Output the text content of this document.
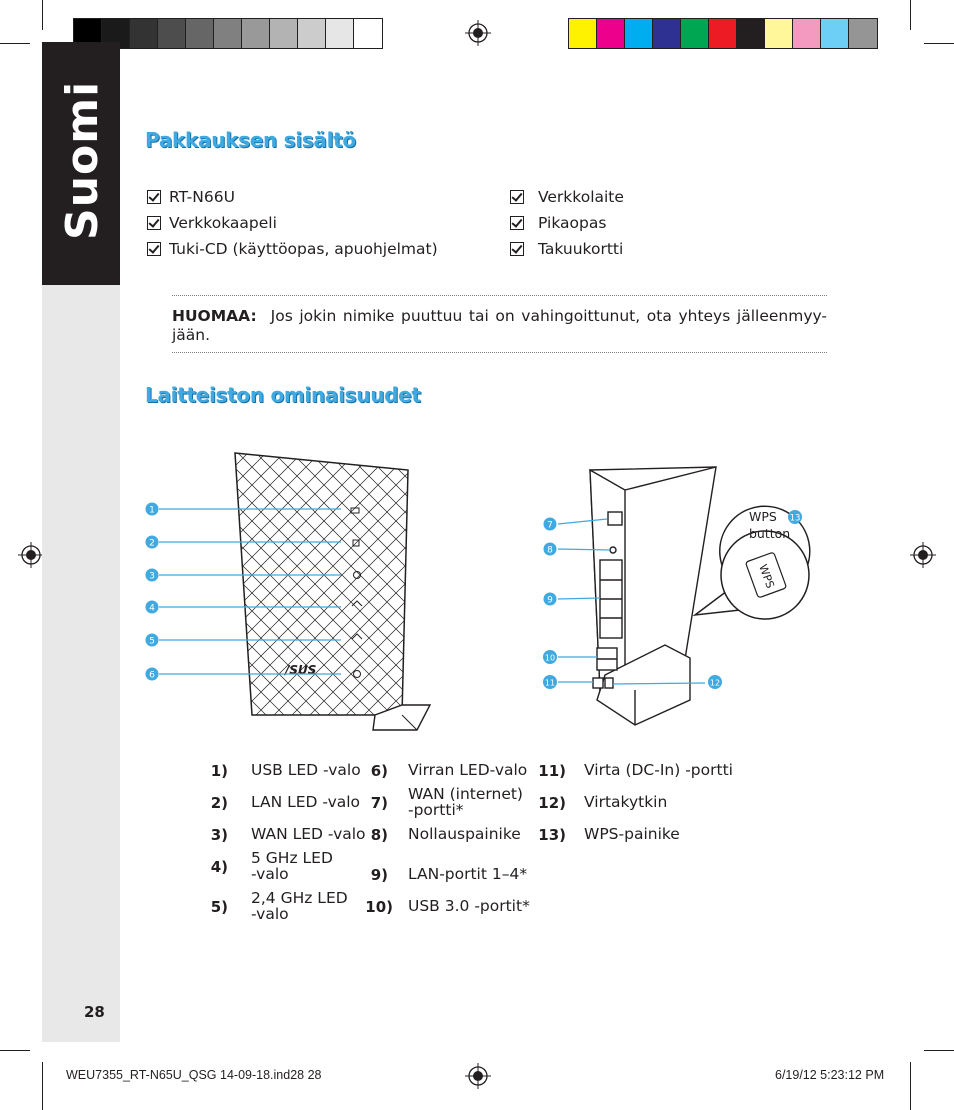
Suomi Pakkauksen sisältö
RT-N66U
Verkkokaapeli
Tuki-CD (käyttöopas, apuohjelmat)
Verkkolaite
Pikaopas
Takuukortti
HUOMAA: Jos jokin nimike puuttuu tai on vahingoittunut, ota yhteys jälleenmyy-jään.
Laitteiston ominaisuudet
/SUS
1
2
3
4
5
6
WPS
WPS
button
13
7
8
9
10
11	12
1) USB LED -valo
2) LAN LED -valo
3) WAN LED -valo
4) 5 GHz LED -valo
5) 2,4 GHz LED -valo
6) Virran LED-valo
7) WAN (internet) -portti*
8) Nollauspainike
9) LAN-portit 1–4*
10) USB 3.0 -portit*
11) Virta (DC-In) -portti
12) Virtakytkin
13) WPS-painike
28
WEU7355_RT-N65U_QSG 14-09-18.ind28 28	6/19/12 5:23:12 PM
